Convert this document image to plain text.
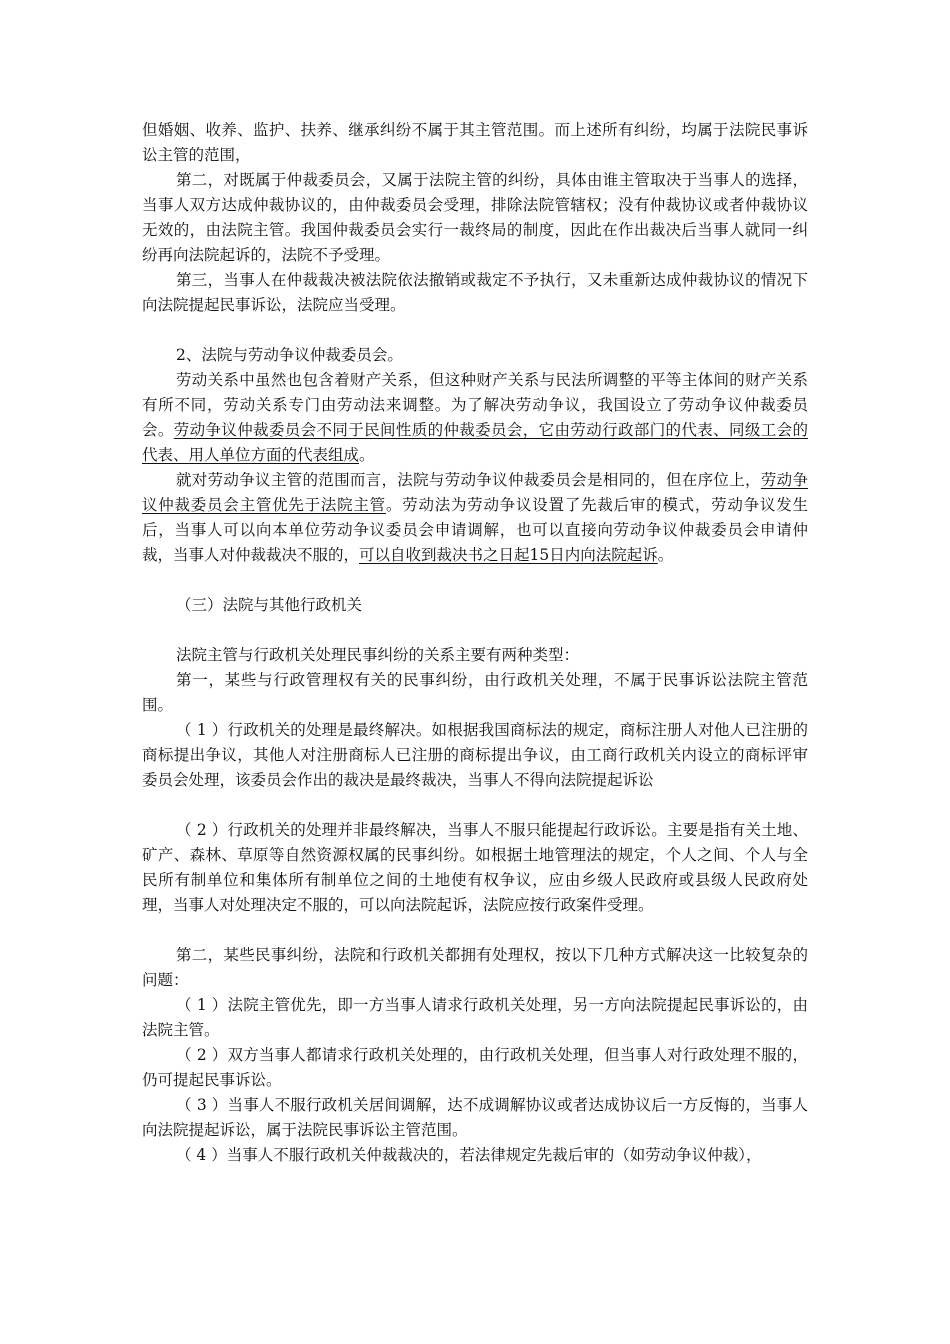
但婚姻、收养、监护、扶养、继承纠纷不属于其主管范围。而上述所有纠纷，均属于法院民事诉讼主管的范围，

第二，对既属于仲裁委员会，又属于法院主管的纠纷，具体由谁主管取决于当事人的选择，当事人双方达成仲裁协议的，由仲裁委员会受理，排除法院管辖权；没有仲裁协议或者仲裁协议无效的，由法院主管。我国仲裁委员会实行一裁终局的制度，因此在作出裁决后当事人就同一纠纷再向法院起诉的，法院不予受理。

第三，当事人在仲裁裁决被法院依法撤销或裁定不予执行，又未重新达成仲裁协议的情况下向法院提起民事诉讼，法院应当受理。

2、法院与劳动争议仲裁委员会。

劳动关系中虽然也包含着财产关系，但这种财产关系与民法所调整的平等主体间的财产关系有所不同，劳动关系专门由劳动法来调整。为了解决劳动争议，我国设立了劳动争议仲裁委员会。劳动争议仲裁委员会不同于民间性质的仲裁委员会，它由劳动行政部门的代表、同级工会的代表、用人单位方面的代表组成。

就对劳动争议主管的范围而言，法院与劳动争议仲裁委员会是相同的，但在序位上，劳动争议仲裁委员会主管优先于法院主管。劳动法为劳动争议设置了先裁后审的模式，劳动争议发生后，当事人可以向本单位劳动争议委员会申请调解，也可以直接向劳动争议仲裁委员会申请仲裁，当事人对仲裁裁决不服的，可以自收到裁决书之日起15日内向法院起诉。

（三）法院与其他行政机关

法院主管与行政机关处理民事纠纷的关系主要有两种类型：

第一，某些与行政管理权有关的民事纠纷，由行政机关处理，不属于民事诉讼法院主管范围。

（ 1 ）行政机关的处理是最终解决。如根据我国商标法的规定，商标注册人对他人已注册的商标提出争议，其他人对注册商标人已注册的商标提出争议，由工商行政机关内设立的商标评审委员会处理，该委员会作出的裁决是最终裁决，当事人不得向法院提起诉讼

（ 2 ）行政机关的处理并非最终解决，当事人不服只能提起行政诉讼。主要是指有关土地、矿产、森林、草原等自然资源权属的民事纠纷。如根据土地管理法的规定，个人之间、个人与全民所有制单位和集体所有制单位之间的土地使有权争议，应由乡级人民政府或县级人民政府处理，当事人对处理决定不服的，可以向法院起诉，法院应按行政案件受理。

第二，某些民事纠纷，法院和行政机关都拥有处理权，按以下几种方式解决这一比较复杂的问题：

（ 1 ）法院主管优先，即一方当事人请求行政机关处理，另一方向法院提起民事诉讼的，由法院主管。

（ 2 ）双方当事人都请求行政机关处理的，由行政机关处理，但当事人对行政处理不服的，仍可提起民事诉讼。

（ 3 ）当事人不服行政机关居间调解，达不成调解协议或者达成协议后一方反悔的，当事人向法院提起诉讼，属于法院民事诉讼主管范围。

（ 4 ）当事人不服行政机关仲裁裁决的，若法律规定先裁后审的（如劳动争议仲裁），
